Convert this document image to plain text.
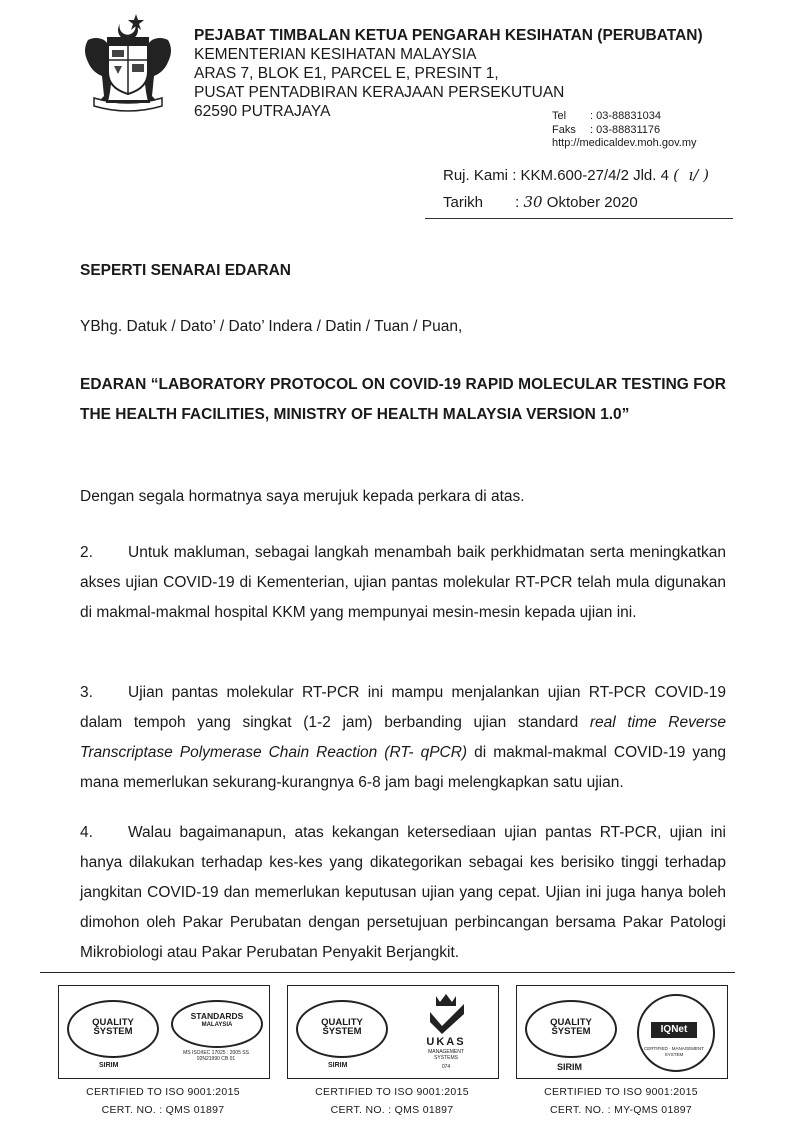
PEJABAT TIMBALAN KETUA PENGARAH KESIHATAN (PERUBATAN)
KEMENTERIAN KESIHATAN MALAYSIA
ARAS 7, BLOK E1, PARCEL E, PRESINT 1,
PUSAT PENTADBIRAN KERAJAAN PERSEKUTUAN
62590 PUTRAJAYA	Tel : 03-88831034
Faks : 03-88831176
http://medicaldev.moh.gov.my
Ruj. Kami : KKM.600-27/4/2 Jld. 4 (  ı/ )
Tarikh : 30 Oktober 2020
SEPERTI SENARAI EDARAN
YBhg. Datuk / Dato’ / Dato’ Indera / Datin / Tuan / Puan,
EDARAN “LABORATORY PROTOCOL ON COVID-19 RAPID MOLECULAR TESTING FOR THE HEALTH FACILITIES, MINISTRY OF HEALTH MALAYSIA VERSION 1.0”
Dengan segala hormatnya saya merujuk kepada perkara di atas.
2. Untuk makluman, sebagai langkah menambah baik perkhidmatan serta meningkatkan akses ujian COVID-19 di Kementerian, ujian pantas molekular RT-PCR telah mula digunakan di makmal-makmal hospital KKM yang mempunyai mesin-mesin kepada ujian ini.
3. Ujian pantas molekular RT-PCR ini mampu menjalankan ujian RT-PCR COVID-19 dalam tempoh yang singkat (1-2 jam) berbanding ujian standard real time Reverse Transcriptase Polymerase Chain Reaction (RT- qPCR) di makmal-makmal COVID-19 yang mana memerlukan sekurang-kurangnya 6-8 jam bagi melengkapkan satu ujian.
4. Walau bagaimanapun, atas kekangan ketersediaan ujian pantas RT-PCR, ujian ini hanya dilakukan terhadap kes-kes yang dikategorikan sebagai kes berisiko tinggi terhadap jangkitan COVID-19 dan memerlukan keputusan ujian yang cepat. Ujian ini juga hanya boleh dimohon oleh Pakar Perubatan dengan persetujuan perbincangan bersama Pakar Patologi Mikrobiologi atau Pakar Perubatan Penyakit Berjangkit.
QUALITY
SYSTEM
SIRIM
STANDARDS
MALAYSIA
MS ISO/IEC 17025 : 2005 SS 92N21990 CB 01
QUALITY
SYSTEM
SIRIM
UKAS
MANAGEMENT
SYSTEMS
074
QUALITY
SYSTEM
SIRIM
IQNet
CERTIFIED · MANAGEMENT SYSTEM
CERTIFIED TO ISO 9001:2015
CERT. NO. : QMS 01897
CERTIFIED TO ISO 9001:2015
CERT. NO. : QMS 01897
CERTIFIED TO ISO 9001:2015
CERT. NO. : MY-QMS 01897
